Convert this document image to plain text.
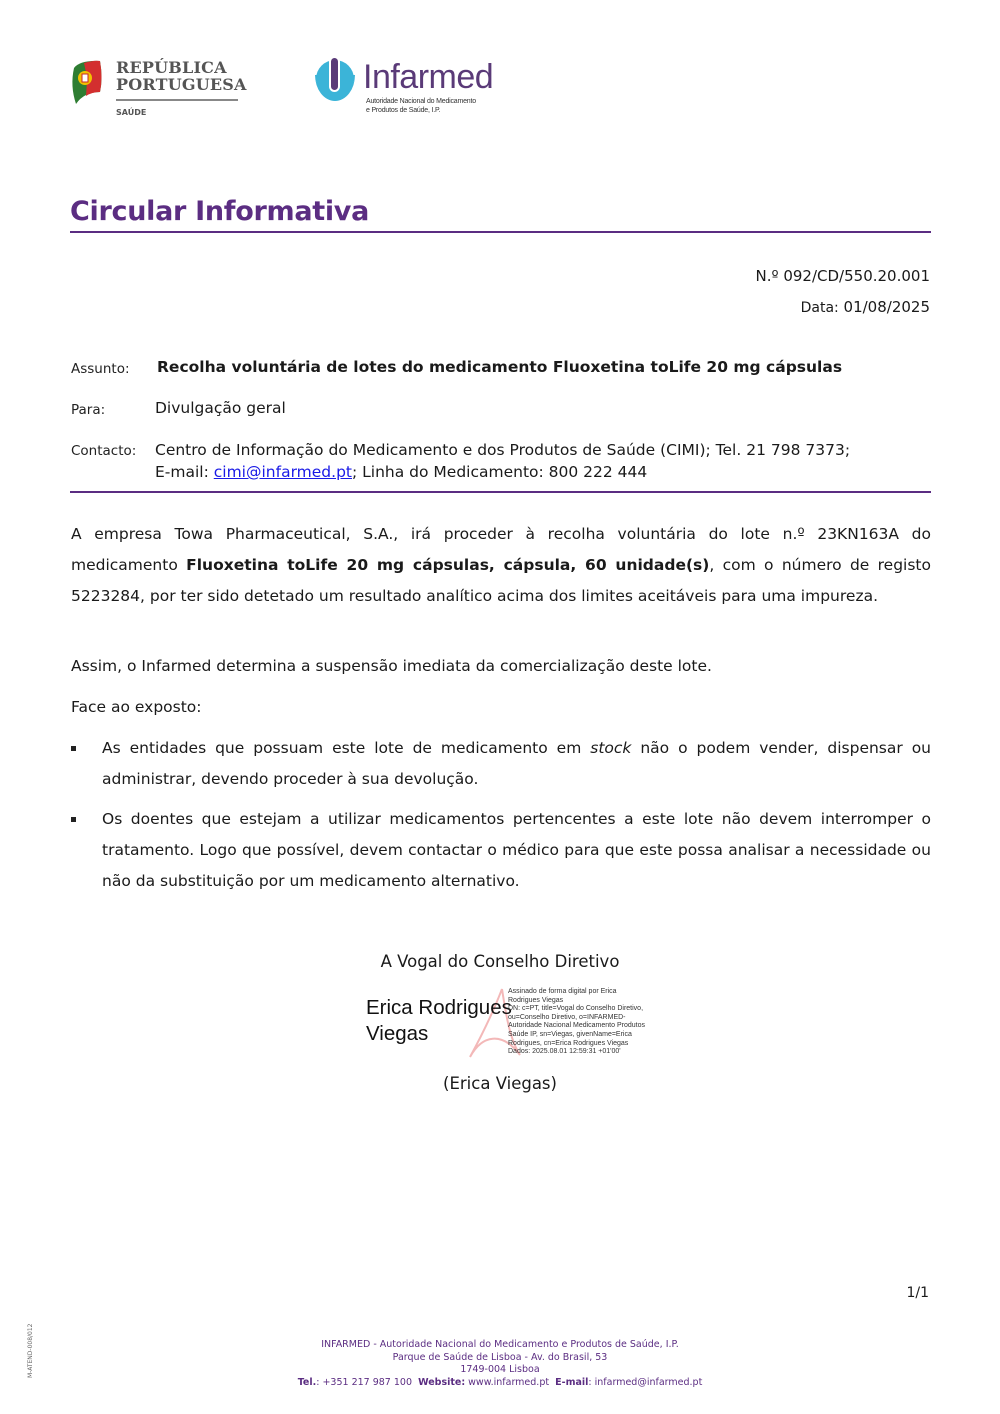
REPÚBLICA
PORTUGUESA
SAÚDE
Infarmed
Autoridade Nacional do Medicamento
e Produtos de Saúde, I.P.
Circular Informativa
N.º 092/CD/550.20.001
Data: 01/08/2025
Assunto: Recolha voluntária de lotes do medicamento Fluoxetina toLife 20 mg cápsulas
Para:	Divulgação geral
Contacto: Centro de Informação do Medicamento e dos Produtos de Saúde (CIMI); Tel. 21 798 7373;
E-mail: cimi@infarmed.pt; Linha do Medicamento: 800 222 444
A empresa Towa Pharmaceutical, S.A., irá proceder à recolha voluntária do lote n.º 23KN163A do medicamento Fluoxetina toLife 20 mg cápsulas, cápsula, 60 unidade(s), com o número de registo 5223284, por ter sido detetado um resultado analítico acima dos limites aceitáveis para uma impureza.
Assim, o Infarmed determina a suspensão imediata da comercialização deste lote.
Face ao exposto:
As entidades que possuam este lote de medicamento em stock não o podem vender, dispensar ou administrar, devendo proceder à sua devolução.
Os doentes que estejam a utilizar medicamentos pertencentes a este lote não devem interromper o tratamento. Logo que possível, devem contactar o médico para que este possa analisar a necessidade ou não da substituição por um medicamento alternativo.
A Vogal do Conselho Diretivo
Erica Rodrigues
Viegas
Assinado de forma digital por Erica
Rodrigues Viegas
DN: c=PT, title=Vogal do Conselho Diretivo,
ou=Conselho Diretivo, o=INFARMED-
Autoridade Nacional Medicamento Produtos
Saúde IP, sn=Viegas, givenName=Erica
Rodrigues, cn=Erica Rodrigues Viegas
Dados: 2025.08.01 12:59:31 +01'00'
(Erica Viegas)
1/1
M-ATEND-008/012	INFARMED - Autoridade Nacional do Medicamento e Produtos de Saúde, I.P.
Parque de Saúde de Lisboa - Av. do Brasil, 53
1749-004 Lisboa
Tel.: +351 217 987 100 Website: www.infarmed.pt E-mail: infarmed@infarmed.pt
